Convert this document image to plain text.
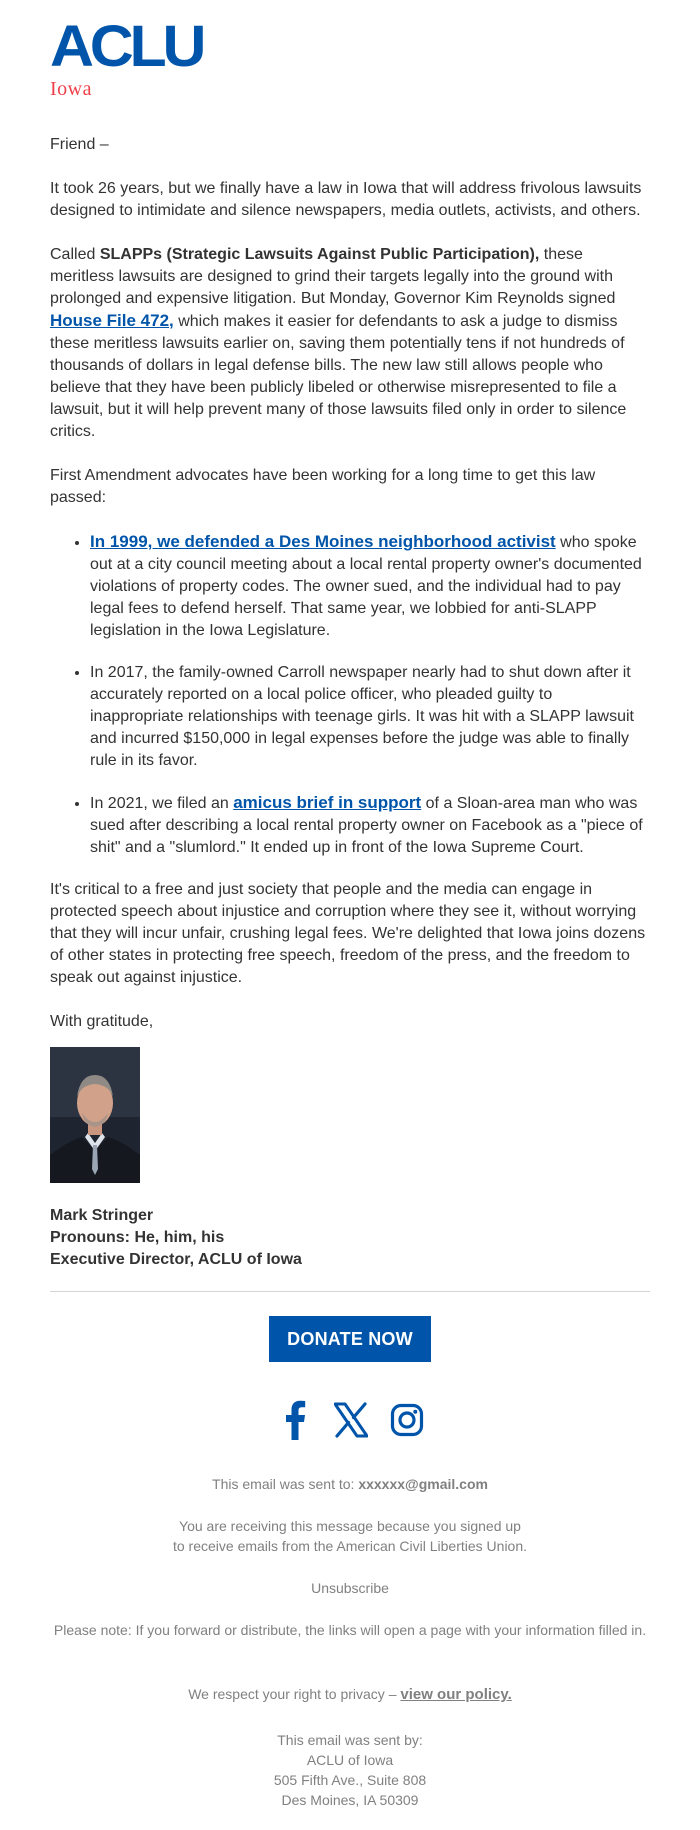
ACLU
Iowa

Friend –

It took 26 years, but we finally have a law in Iowa that will address frivolous lawsuits designed to intimidate and silence newspapers, media outlets, activists, and others.

Called SLAPPs (Strategic Lawsuits Against Public Participation), these meritless lawsuits are designed to grind their targets legally into the ground with prolonged and expensive litigation. But Monday, Governor Kim Reynolds signed House File 472, which makes it easier for defendants to ask a judge to dismiss these meritless lawsuits earlier on, saving them potentially tens if not hundreds of thousands of dollars in legal defense bills. The new law still allows people who believe that they have been publicly libeled or otherwise misrepresented to file a lawsuit, but it will help prevent many of those lawsuits filed only in order to silence critics.

First Amendment advocates have been working for a long time to get this law passed:

• In 1999, we defended a Des Moines neighborhood activist who spoke out at a city council meeting about a local rental property owner's documented violations of property codes. The owner sued, and the individual had to pay legal fees to defend herself. That same year, we lobbied for anti-SLAPP legislation in the Iowa Legislature.
• In 2017, the family-owned Carroll newspaper nearly had to shut down after it accurately reported on a local police officer, who pleaded guilty to inappropriate relationships with teenage girls. It was hit with a SLAPP lawsuit and incurred $150,000 in legal expenses before the judge was able to finally rule in its favor.
• In 2021, we filed an amicus brief in support of a Sloan-area man who was sued after describing a local rental property owner on Facebook as a "piece of shit" and a "slumlord." It ended up in front of the Iowa Supreme Court.

It's critical to a free and just society that people and the media can engage in protected speech about injustice and corruption where they see it, without worrying that they will incur unfair, crushing legal fees. We're delighted that Iowa joins dozens of other states in protecting free speech, freedom of the press, and the freedom to speak out against injustice.

With gratitude,

Mark Stringer
Pronouns: He, him, his
Executive Director, ACLU of Iowa
DONATE NOW
This email was sent to: xxxxxx@gmail.com
You are receiving this message because you signed up
to receive emails from the American Civil Liberties Union.
Unsubscribe
Please note: If you forward or distribute, the links will open a page with your information filled in.
We respect your right to privacy – view our policy.
This email was sent by:
ACLU of Iowa
505 Fifth Ave., Suite 808
Des Moines, IA 50309
